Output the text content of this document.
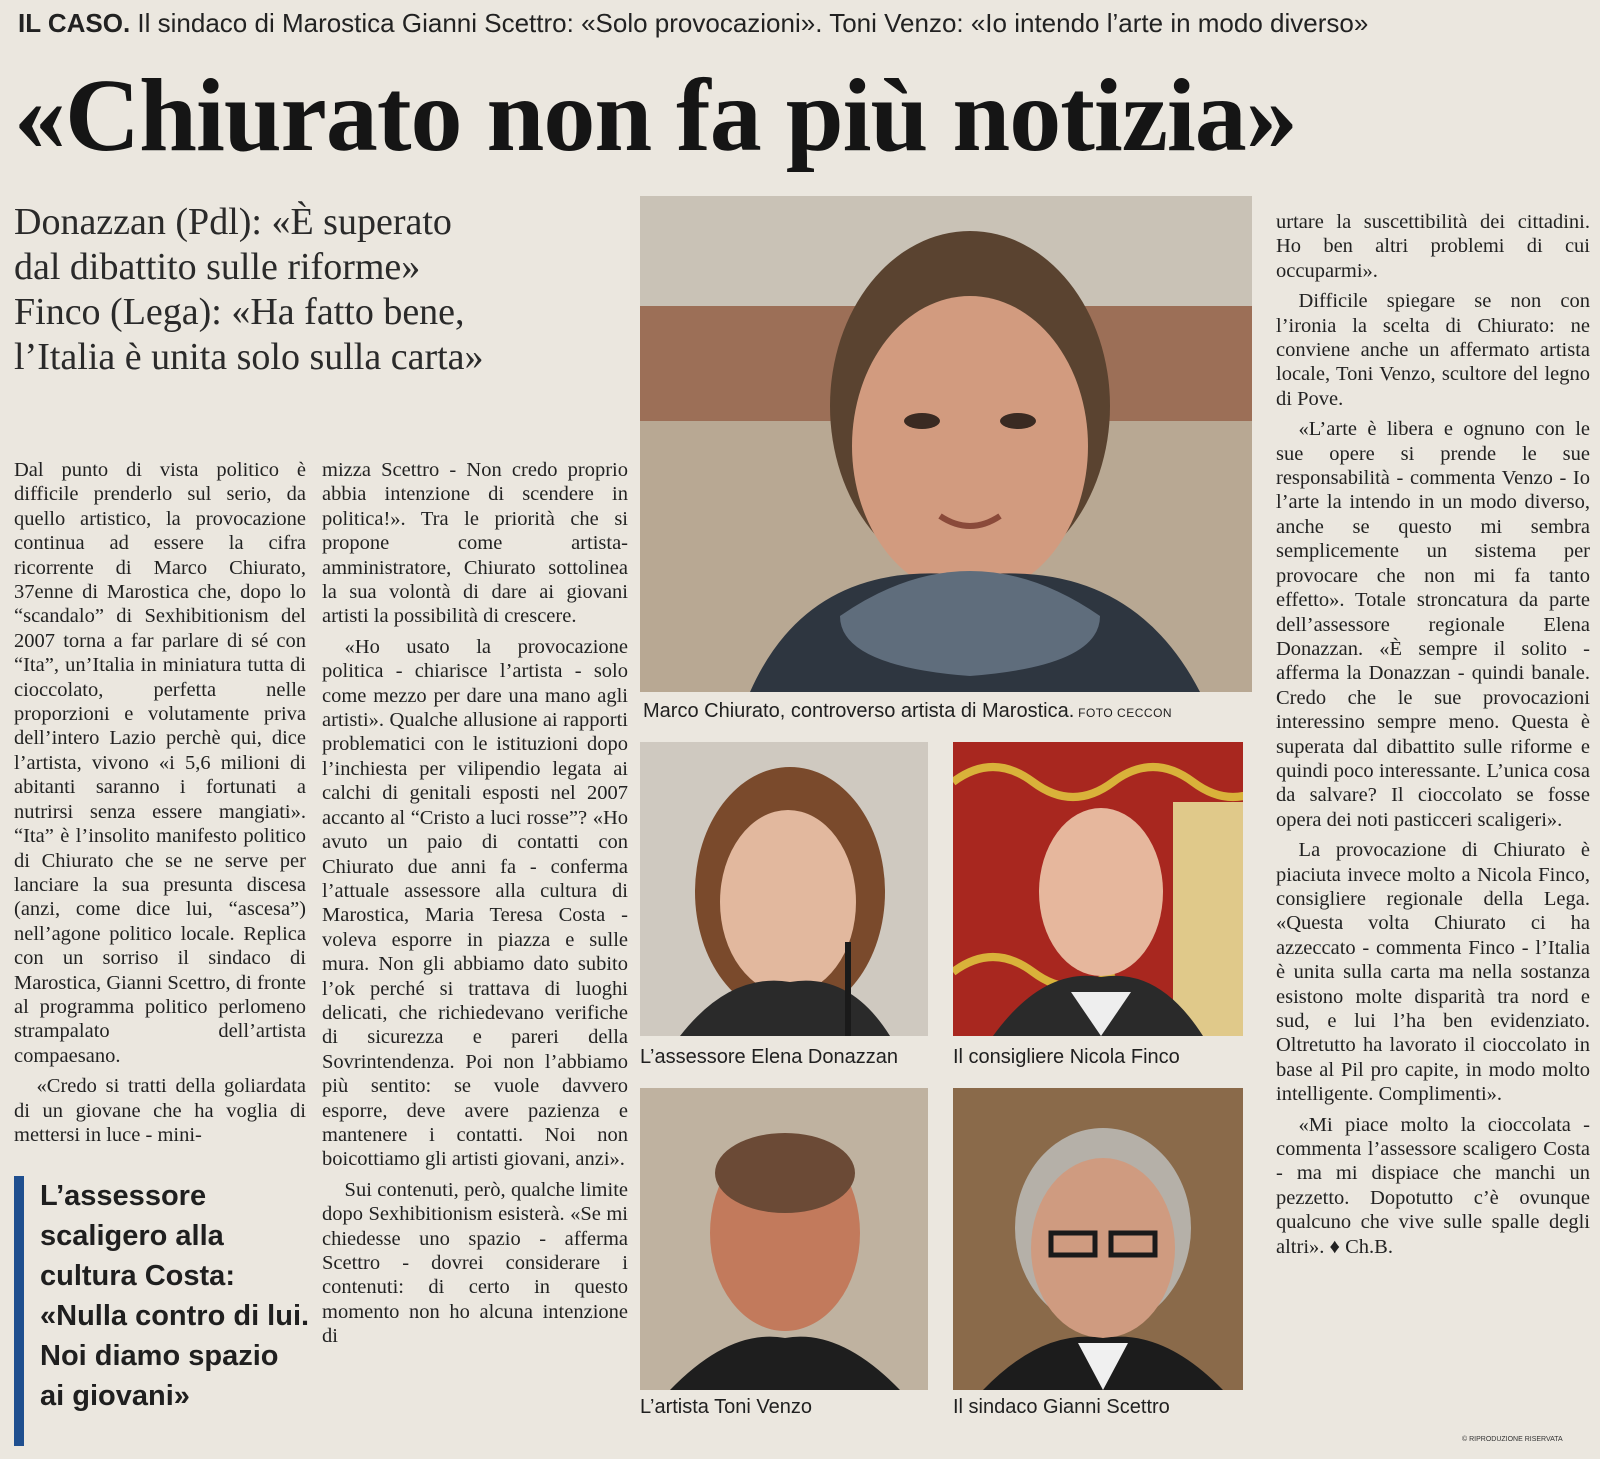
IL CASO. Il sindaco di Marostica Gianni Scettro: «Solo provocazioni». Toni Venzo: «Io intendo l’arte in modo diverso»
«Chiurato non fa più notizia»
Donazzan (Pdl): «È superato
dal dibattito sulle riforme»
Finco (Lega): «Ha fatto bene,
l’Italia è unita solo sulla carta»

Dal punto di vista politico è difficile prenderlo sul serio, da quello artistico, la provocazione continua ad essere la cifra ricorrente di Marco Chiurato, 37enne di Marostica che, dopo lo “scandalo” di Sexhibitionism del 2007 torna a far parlare di sé con “Ita”, un’Italia in miniatura tutta di cioccolato, perfetta nelle proporzioni e volutamente priva dell’intero Lazio perchè qui, dice l’artista, vivono «i 5,6 milioni di abitanti saranno i fortunati a nutrirsi senza essere mangiati». “Ita” è l’insolito manifesto politico di Chiurato che se ne serve per lanciare la sua presunta discesa (anzi, come dice lui, “ascesa”) nell’agone politico locale. Replica con un sorriso il sindaco di Marostica, Gianni Scettro, di fronte al programma politico perlomeno strampalato dell’artista compaesano.

«Credo si tratti della goliardata di un giovane che ha voglia di mettersi in luce - mini-

L’assessore scaligero alla cultura Costa: «Nulla contro di lui. Noi diamo spazio ai giovani»

mizza Scettro - Non credo proprio abbia intenzione di scendere in politica!». Tra le priorità che si propone come artista-amministratore, Chiurato sottolinea la sua volontà di dare ai giovani artisti la possibilità di crescere.

«Ho usato la provocazione politica - chiarisce l’artista - solo come mezzo per dare una mano agli artisti». Qualche allusione ai rapporti problematici con le istituzioni dopo l’inchiesta per vilipendio legata ai calchi di genitali esposti nel 2007 accanto al “Cristo a luci rosse”? «Ho avuto un paio di contatti con Chiurato due anni fa - conferma l’attuale assessore alla cultura di Marostica, Maria Teresa Costa - voleva esporre in piazza e sulle mura. Non gli abbiamo dato subito l’ok perché si trattava di luoghi delicati, che richiedevano verifiche di sicurezza e pareri della Sovrintendenza. Poi non l’abbiamo più sentito: se vuole davvero esporre, deve avere pazienza e mantenere i contatti. Noi non boicottiamo gli artisti giovani, anzi».

Sui contenuti, però, qualche limite dopo Sexhibitionism esisterà. «Se mi chiedesse uno spazio - afferma Scettro - dovrei considerare i contenuti: di certo in questo momento non ho alcuna intenzione di

urtare la suscettibilità dei cittadini. Ho ben altri problemi di cui occuparmi».

Difficile spiegare se non con l’ironia la scelta di Chiurato: ne conviene anche un affermato artista locale, Toni Venzo, scultore del legno di Pove.

«L’arte è libera e ognuno con le sue opere si prende le sue responsabilità - commenta Venzo - Io l’arte la intendo in un modo diverso, anche se questo mi sembra semplicemente un sistema per provocare che non mi fa tanto effetto». Totale stroncatura da parte dell’assessore regionale Elena Donazzan. «È sempre il solito - afferma la Donazzan - quindi banale. Credo che le sue provocazioni interessino sempre meno. Questa è superata dal dibattito sulle riforme e quindi poco interessante. L’unica cosa da salvare? Il cioccolato se fosse opera dei noti pasticceri scaligeri».

La provocazione di Chiurato è piaciuta invece molto a Nicola Finco, consigliere regionale della Lega. «Questa volta Chiurato ci ha azzeccato - commenta Finco - l’Italia è unita sulla carta ma nella sostanza esistono molte disparità tra nord e sud, e lui l’ha ben evidenziato. Oltretutto ha lavorato il cioccolato in base al Pil pro capite, in modo molto intelligente. Complimenti».

«Mi piace molto la cioccolata - commenta l’assessore scaligero Costa - ma mi dispiace che manchi un pezzetto. Dopotutto c’è ovunque qualcuno che vive sulle spalle degli altri». ♦ Ch.B.

Marco Chiurato, controverso artista di Marostica. FOTO CECCON
L’assessore Elena Donazzan	Il consigliere Nicola Finco
L’artista Toni Venzo	Il sindaco Gianni Scettro
© RIPRODUZIONE RISERVATA
